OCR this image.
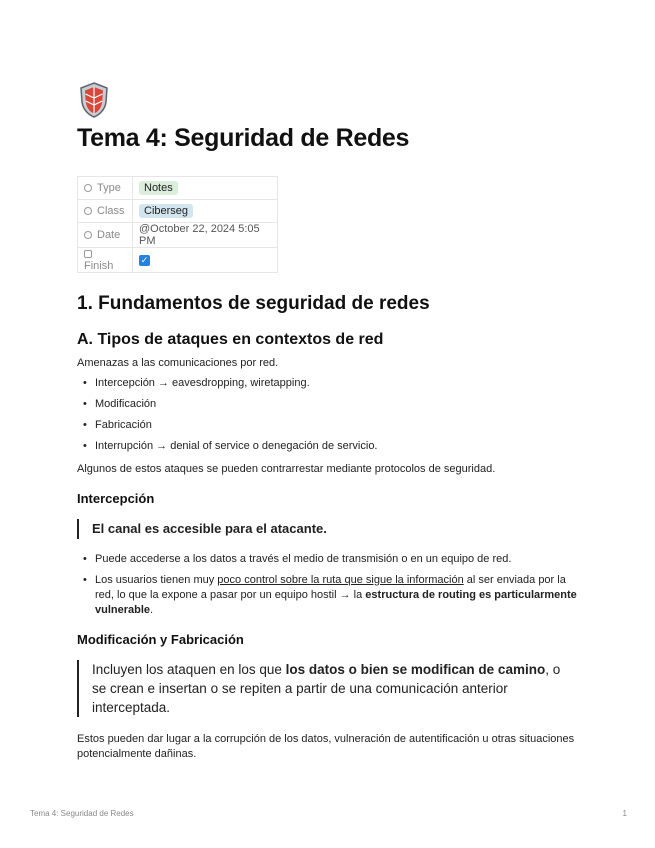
Tema 4: Seguridad de Redes
Type	Notes
Class	Ciberseg
Date	@October 22, 2024 5:05 PM
Finish	✓
1. Fundamentos de seguridad de redes
A. Tipos de ataques en contextos de red

Amenazas a las comunicaciones por red.

• Intercepción → eavesdropping, wiretapping.
• Modificación
• Fabricación
• Interrupción → denial of service o denegación de servicio.

Algunos de estos ataques se pueden contrarrestar mediante protocolos de seguridad.

Intercepción
El canal es accesible para el atacante.
• Puede accederse a los datos a través el medio de transmisión o en un equipo de red.
• Los usuarios tienen muy poco control sobre la ruta que sigue la información al ser enviada por la red, lo que la expone a pasar por un equipo hostil → la estructura de routing es particularmente vulnerable.
Modificación y Fabricación
Incluyen los ataquen en los que los datos o bien se modifican de camino, o se crean e insertan o se repiten a partir de una comunicación anterior interceptada.

Estos pueden dar lugar a la corrupción de los datos, vulneración de autentificación u otras situaciones potencialmente dañinas.

Tema 4: Seguridad de Redes	1
